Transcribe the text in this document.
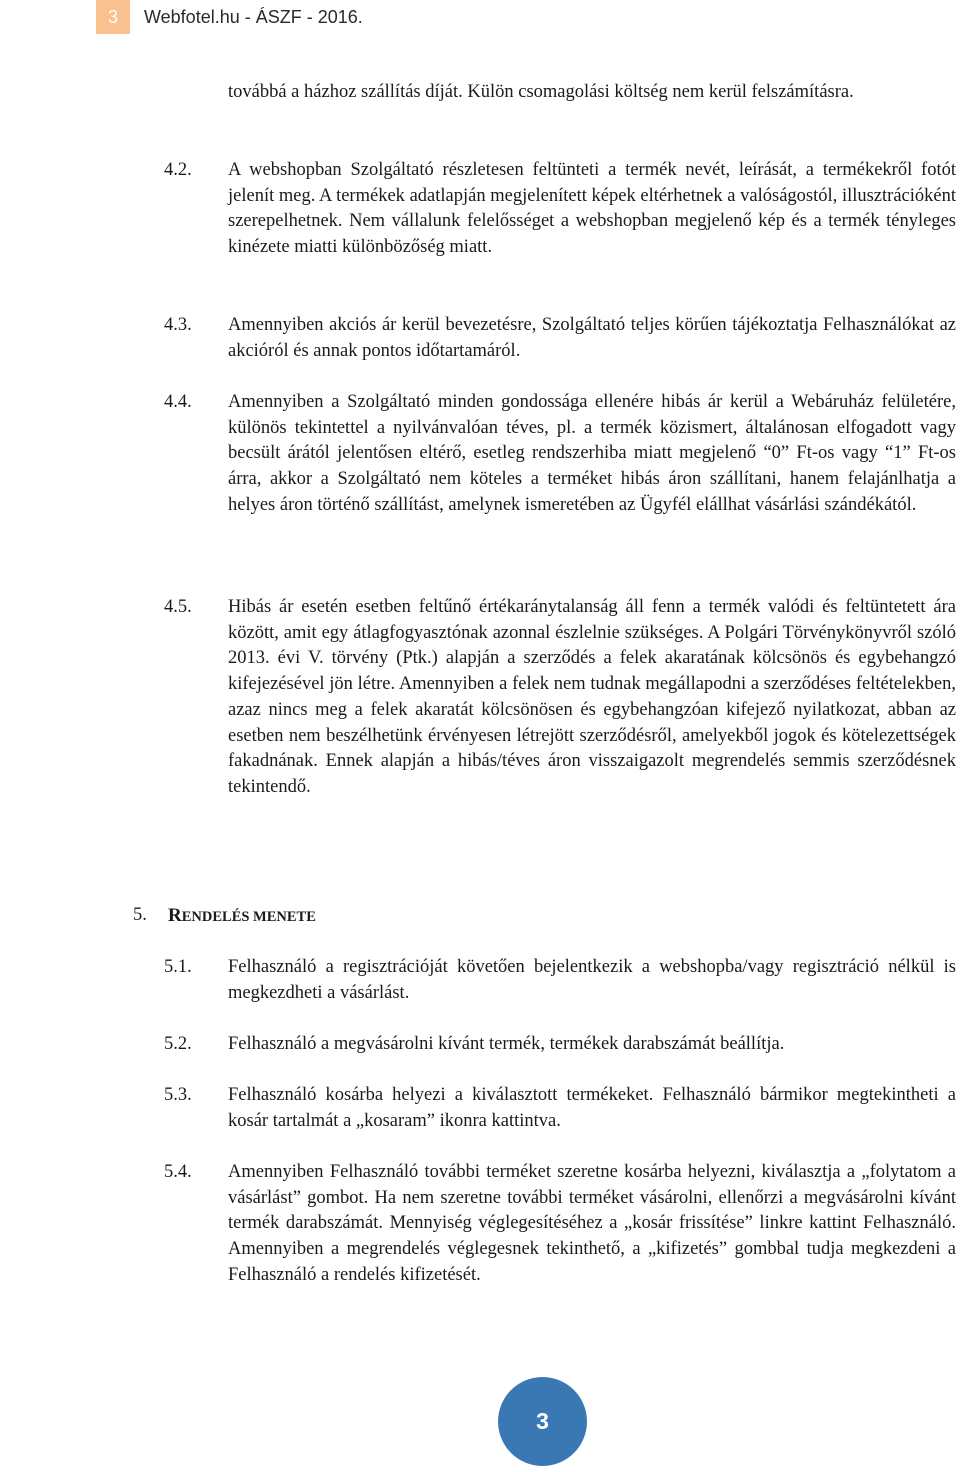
3	Webfotel.hu - ÁSZF - 2016.

továbbá a házhoz szállítás díját. Külön csomagolási költség nem kerül felszámításra.

4.2. A webshopban Szolgáltató részletesen feltünteti a termék nevét, leírását, a termékekről fotót jelenít meg. A termékek adatlapján megjelenített képek eltérhetnek a valóságostól, illusztrációként szerepelhetnek. Nem vállalunk felelősséget a webshopban megjelenő kép és a termék tényleges kinézete miatti különbözőség miatt.

4.3. Amennyiben akciós ár kerül bevezetésre, Szolgáltató teljes körűen tájékoztatja Felhasználókat az akcióról és annak pontos időtartamáról.

4.4. Amennyiben a Szolgáltató minden gondossága ellenére hibás ár kerül a Webáruház felületére, különös tekintettel a nyilvánvalóan téves, pl. a termék közismert, általánosan elfogadott vagy becsült árától jelentősen eltérő, esetleg rendszerhiba miatt megjelenő “0” Ft-os vagy “1” Ft-os árra, akkor a Szolgáltató nem köteles a terméket hibás áron szállítani, hanem felajánlhatja a helyes áron történő szállítást, amelynek ismeretében az Ügyfél elállhat vásárlási szándékától.

4.5. Hibás ár esetén esetben feltűnő értékaránytalanság áll fenn a termék valódi és feltüntetett ára között, amit egy átlagfogyasztónak azonnal észlelnie szükséges. A Polgári Törvénykönyvről szóló 2013. évi V. törvény (Ptk.) alapján a szerződés a felek akaratának kölcsönös és egybehangzó kifejezésével jön létre. Amennyiben a felek nem tudnak megállapodni a szerződéses feltételekben, azaz nincs meg a felek akaratát kölcsönösen és egybehangzóan kifejező nyilatkozat, abban az esetben nem beszélhetünk érvényesen létrejött szerződésről, amelyekből jogok és kötelezettségek fakadnának. Ennek alapján a hibás/téves áron visszaigazolt megrendelés semmis szerződésnek tekintendő.

5. RENDELÉS MENETE
5.1. Felhasználó a regisztrációját követően bejelentkezik a webshopba/vagy regisztráció nélkül is megkezdheti a vásárlást.

5.2. Felhasználó a megvásárolni kívánt termék, termékek darabszámát beállítja.

5.3. Felhasználó kosárba helyezi a kiválasztott termékeket. Felhasználó bármikor megtekintheti a kosár tartalmát a „kosaram” ikonra kattintva.

5.4. Amennyiben Felhasználó további terméket szeretne kosárba helyezni, kiválasztja a „folytatom a vásárlást” gombot. Ha nem szeretne további terméket vásárolni, ellenőrzi a megvásárolni kívánt termék darabszámát. Mennyiség véglegesítéséhez a „kosár frissítése” linkre kattint Felhasználó. Amennyiben a megrendelés véglegesnek tekinthető, a „kifizetés” gombbal tudja megkezdeni a Felhasználó a rendelés kifizetését.

3
